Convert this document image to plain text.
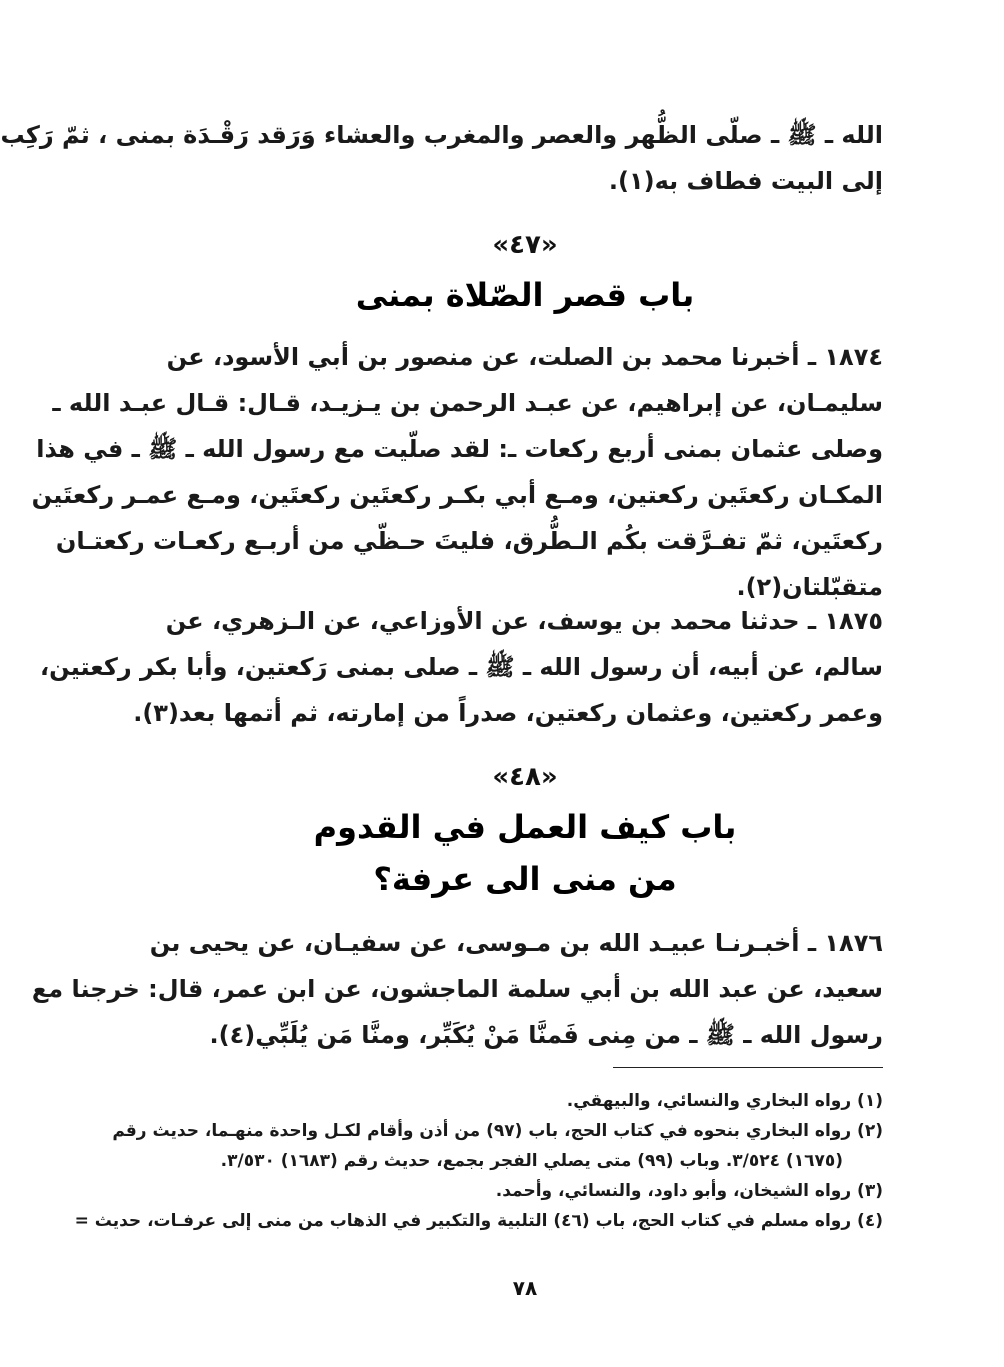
الله ـ ﷺ ـ صلّى الظُّهر والعصر والمغرب والعشاء وَرَقد رَقْـدَة بمنى ، ثمّ رَكِب
إلى البيت فطاف به(١).
«٤٧»
باب قصر الصّلاة بمنى
١٨٧٤ ـ أخبرنا محمد بن الصلت، عن منصور بن أبي الأسود، عن
سليمـان، عن إبراهيم، عن عبـد الرحمن بن يـزيـد، قـال: قـال عبـد الله ـ
وصلى عثمان بمنى أربع ركعات ـ: لقد صلّيت مع رسول الله ـ ﷺ ـ في هذا
المكـان ركعتَين ركعتين، ومـع أبي بكـر ركعتَين ركعتَين، ومـع عمـر ركعتَين
ركعتَين، ثمّ تفـرَّقت بكُم الـطُّرق، فليتَ حـظّي من أربـع ركعـات ركعتـان
متقبّلتان(٢).
١٨٧٥ ـ حدثنا محمد بن يوسف، عن الأوزاعي، عن الـزهري، عن
سالم، عن أبيه، أن رسول الله ـ ﷺ ـ صلى بمنى رَكعتين، وأبا بكر ركعتين،
وعمر ركعتين، وعثمان ركعتين، صدراً من إمارته، ثم أتمها بعد(٣).
«٤٨»
باب كيف العمل في القدوم
من منى الى عرفة؟
١٨٧٦ ـ أخبـرنـا عبيـد الله بن مـوسى، عن سفيـان، عن يحيى بن
سعيد، عن عبد الله بن أبي سلمة الماجشون، عن ابن عمر، قال: خرجنا مع
رسول الله ـ ﷺ ـ من مِنى فَمنَّا مَنْ يُكَبِّر، ومنَّا مَن يُلَبِّي(٤).
(١) رواه البخاري والنسائي، والبيهقي.
(٢) رواه البخاري بنحوه في كتاب الحج، باب (٩٧) من أذن وأقام لكـل واحدة منهـما، حديث رقم
(١٦٧٥) ٣/٥٢٤. وباب (٩٩) متى يصلي الفجر بجمع، حديث رقم (١٦٨٣) ٣/٥٣٠.
(٣) رواه الشيخان، وأبو داود، والنسائي، وأحمد.
(٤) رواه مسلم في كتاب الحج، باب (٤٦) التلبية والتكبير في الذهاب من منى إلى عرفـات، حديث =
٧٨
